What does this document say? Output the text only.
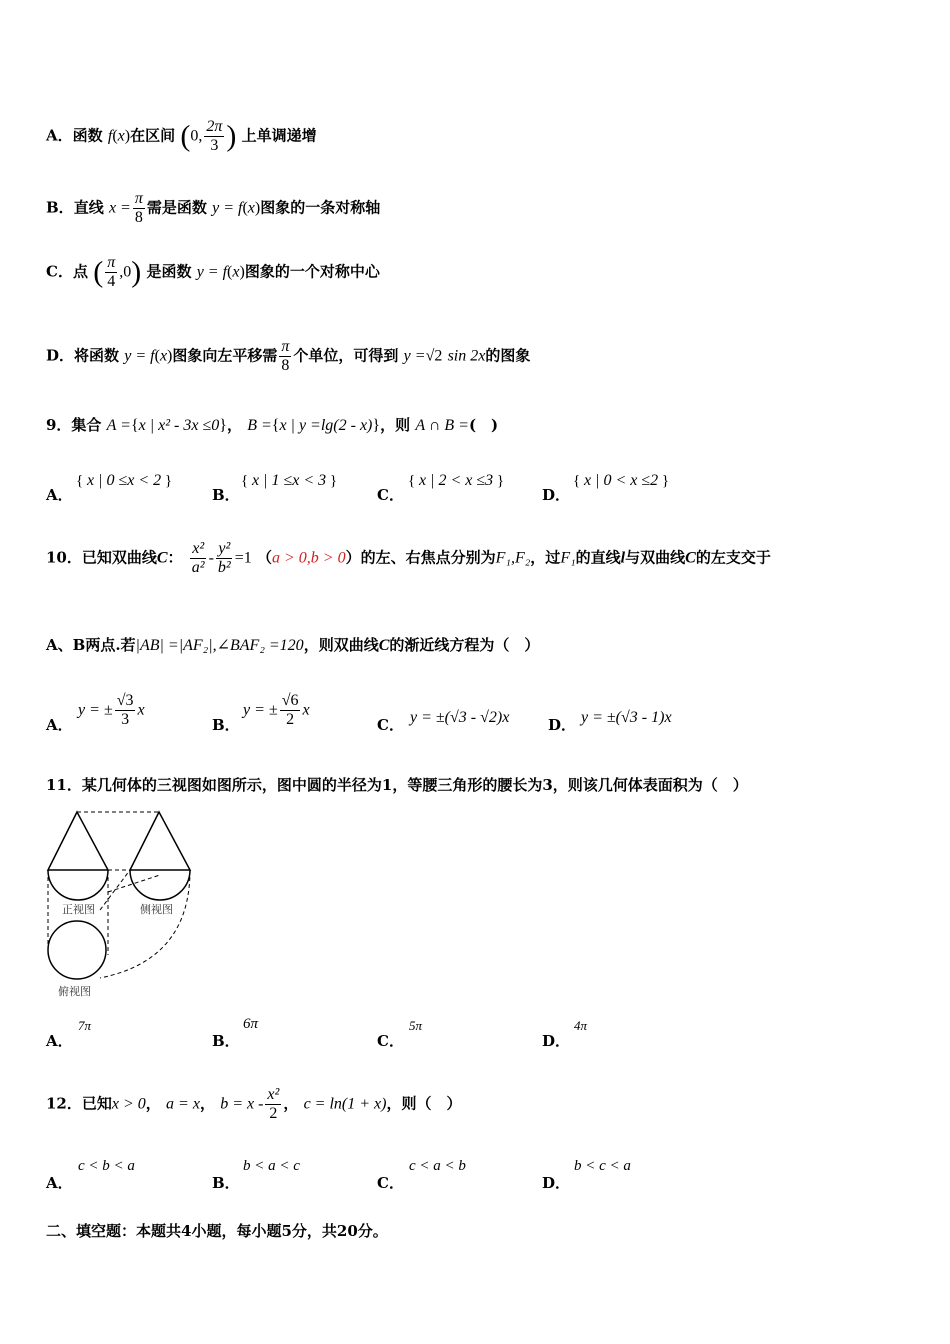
A．函数 f(x)在区间 (0, $\frac{2\pi}{3}$ ) 上单调递增
B．直线 $x = \frac{\pi}{8}$ 需是函数 y = f(x)图象的一条对称轴
C．点 ( $\frac{\pi}{4} ,0$) 是函数 y = f(x)图象的一个对称中心
D．将函数 y = f(x)图象向左平移需 $\frac{\pi}{8}$ 个单位，可得到 y =√2 sin 2x的图象
9．集合 A ={x | x² - 3x ≤0}， B ={x | y =lg(2 - x)}，则 A ∩ B =(　)
A．
{ x | 0 ≤x < 2 }
B．
{ x | 1 ≤x < 3 }
C．
{ x | 2 < x ≤3 }
D．
{ x | 0 < x ≤2 }
10．已知双曲线C： $\frac{\text{x²}}{\text{a²}} - \frac{\text{y²}}{\text{b²}} =1$ （a > 0,b > 0）的左、右焦点分别为F₁,F₂，过F₁的直线l与双曲线C的左支交于
A、B两点.若|AB| =|AF₂|,∠BAF₂ =120，则双曲线C的渐近线方程为（　）
A．
y = ± $\frac{√3}{3}$ x
B．
y = ± $\frac{√6}{2}$ x
C． y = ±(√3 - √2)x	D． y = ±(√3 - 1)x
11．某几何体的三视图如图所示，图中圆的半径为1，等腰三角形的腰长为3，则该几何体表面积为（　）
正视图	侧视图
俯视图
A．
7π
B．
6π
C．
5π
D．
4π
12．已知x > 0， a = x， $b = x - \frac{\text{x²}}{2}$ ， c = ln(1 + x)，则（　）
A．
c < b < a
B．
b < a < c
C．
c < a < b
D．
b < c < a
二、填空题：本题共4小题，每小题5分，共20分。
